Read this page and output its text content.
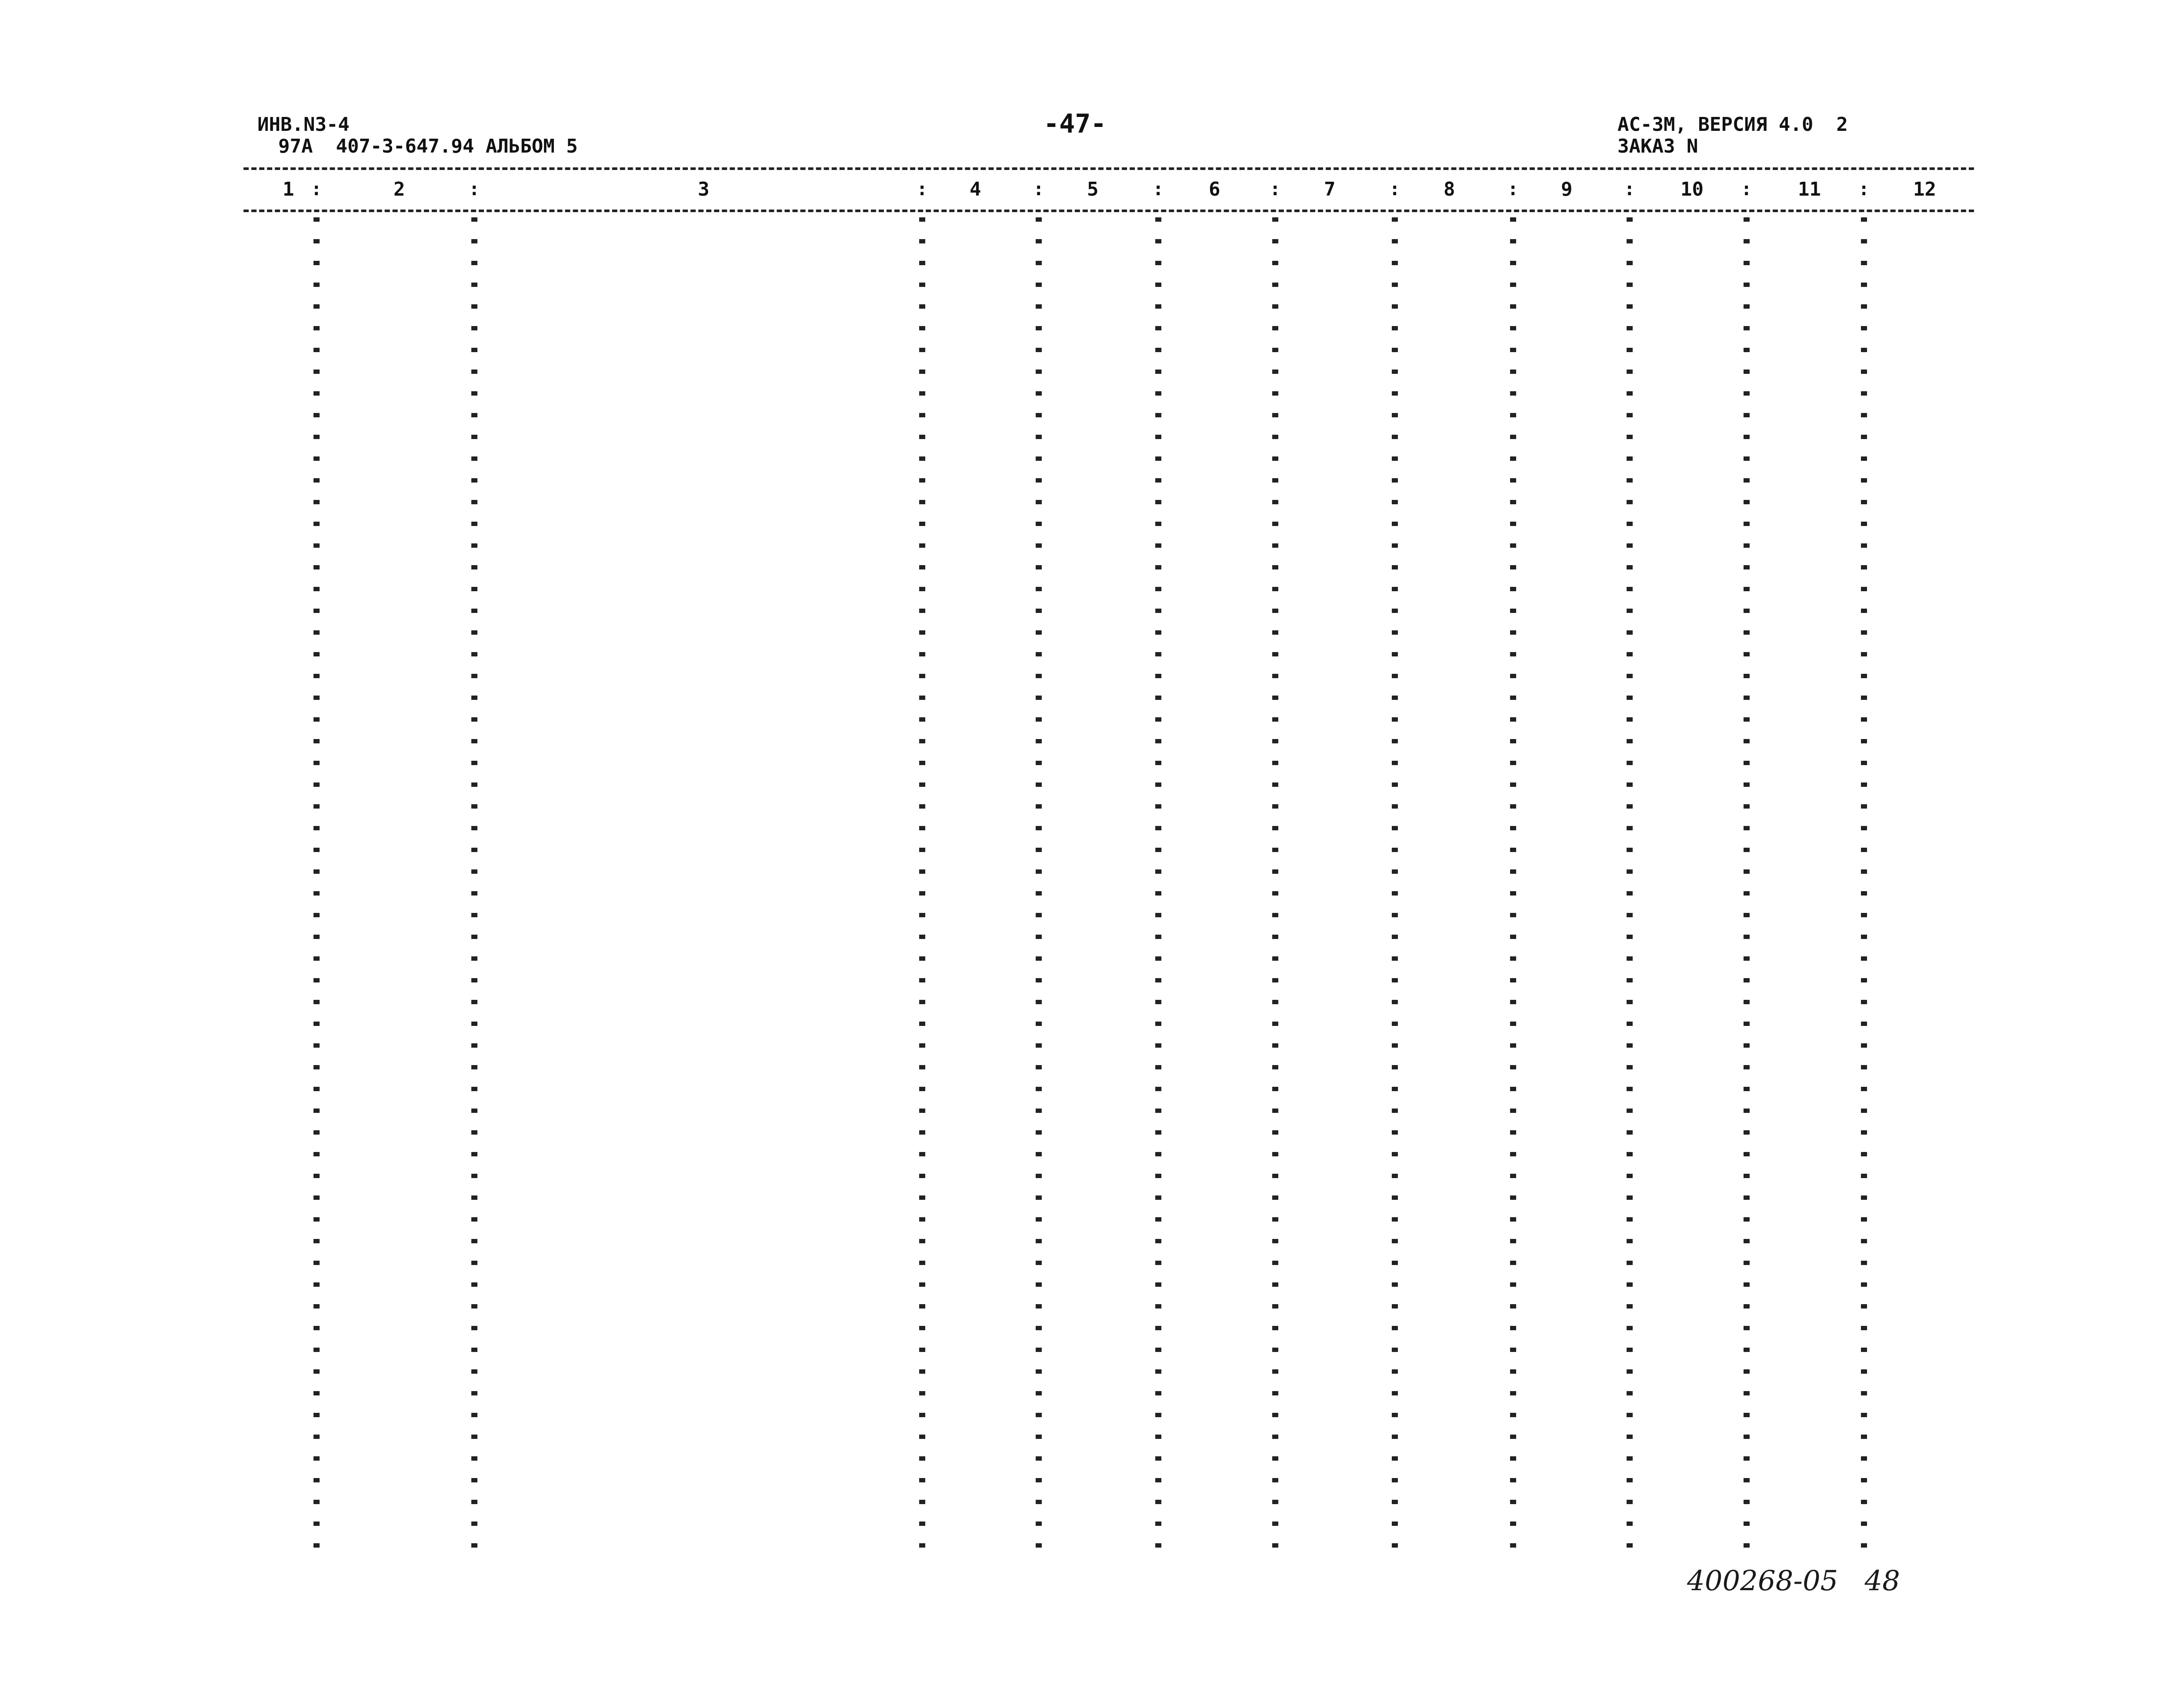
ИНВ.N3-4
97А  407-3-647.94 АЛЬБОМ 5
-47-	АС-3М, ВЕРСИЯ 4.0  2
ЗАКАЗ N
1 :	2	:	3	: 4	: 5	: 6	: 7	: 8	: 9	: 10 : 11 : 12
400268-05   48
